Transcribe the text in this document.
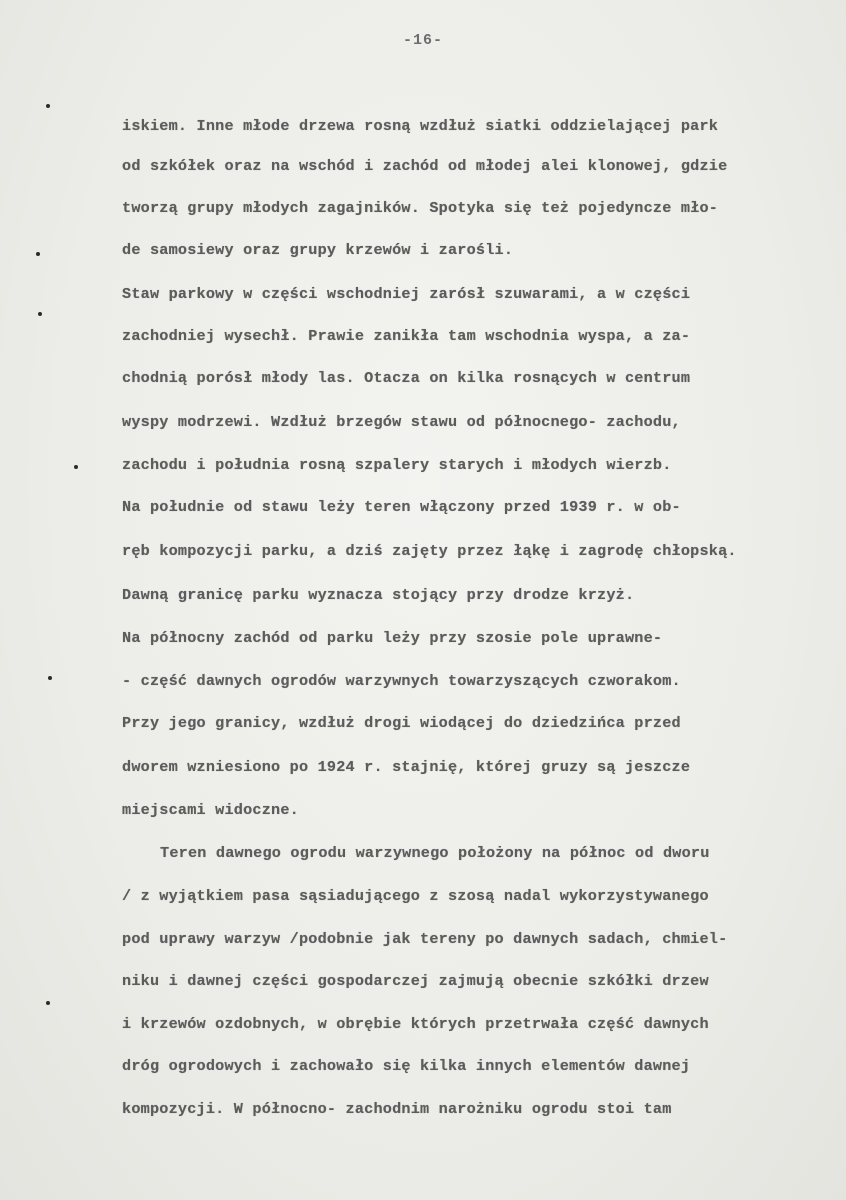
-16-
iskiem. Inne młode drzewa rosną wzdłuż siatki oddzielającej park
od szkółek oraz na wschód i zachód od młodej alei klonowej, gdzie
tworzą grupy młodych zagajników. Spotyka się też pojedyncze mło-
de samosiewy oraz grupy krzewów i zarośli.
Staw parkowy w części wschodniej zarósł szuwarami, a w części
zachodniej wysechł. Prawie zanikła tam wschodnia wyspa, a za-
chodnią porósł młody las. Otacza on kilka rosnących w centrum
wyspy modrzewi. Wzdłuż brzegów stawu od północnego- zachodu,
zachodu i południa rosną szpalery starych i młodych wierzb.
Na południe od stawu leży teren włączony przed 1939 r. w ob-
ręb kompozycji parku, a dziś zajęty przez łąkę i zagrodę chłopską.
Dawną granicę parku wyznacza stojący przy drodze krzyż.
Na północny zachód od parku leży przy szosie pole uprawne-
- część dawnych ogrodów warzywnych towarzyszących czworakom.
Przy jego granicy, wzdłuż drogi wiodącej do dziedzińca przed
dworem wzniesiono po 1924 r. stajnię, której gruzy są jeszcze
miejscami widoczne.
Teren dawnego ogrodu warzywnego położony na północ od dworu
/ z wyjątkiem pasa sąsiadującego z szosą nadal wykorzystywanego
pod uprawy warzyw /podobnie jak tereny po dawnych sadach, chmiel-
niku i dawnej części gospodarczej zajmują obecnie szkółki drzew
i krzewów ozdobnych, w obrębie których przetrwała część dawnych
dróg ogrodowych i zachowało się kilka innych elementów dawnej
kompozycji. W północno- zachodnim narożniku ogrodu stoi tam
